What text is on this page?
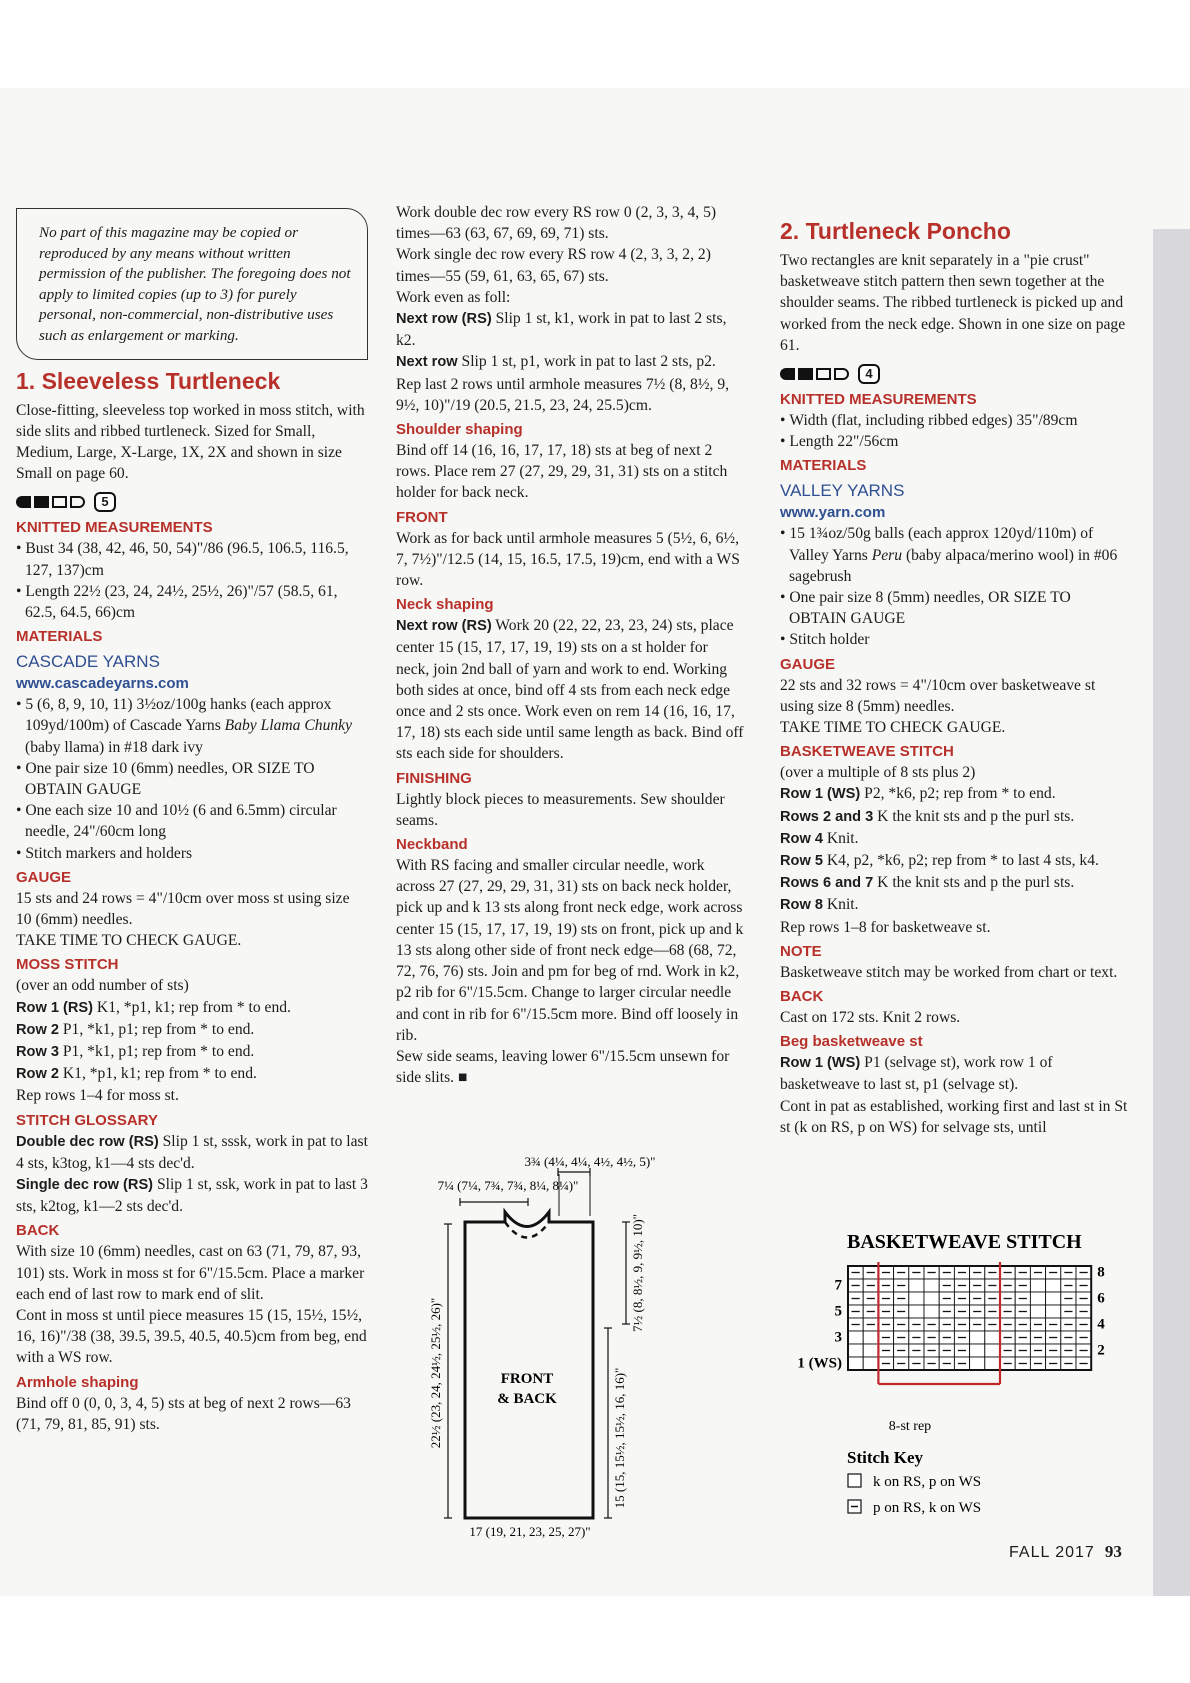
No part of this magazine may be copied or reproduced by any means without written permission of the publisher. The foregoing does not apply to limited copies (up to 3) for purely personal, non-commercial, non-distributive uses such as enlargement or marking.
1. Sleeveless Turtleneck

Close-fitting, sleeveless top worked in moss stitch, with side slits and ribbed turtleneck. Sized for Small, Medium, Large, X-Large, 1X, 2X and shown in size Small on page 60.

5
KNITTED MEASUREMENTS

• Bust 34 (38, 42, 46, 50, 54)"/86 (96.5, 106.5, 116.5, 127, 137)cm

• Length 22½ (23, 24, 24½, 25½, 26)"/57 (58.5, 61, 62.5, 64.5, 66)cm

MATERIALS
CASCADE YARNS
www.cascadeyarns.com

• 5 (6, 8, 9, 10, 11) 3½oz/100g hanks (each approx 109yd/100m) of Cascade Yarns Baby Llama Chunky (baby llama) in #18 dark ivy

• One pair size 10 (6mm) needles, OR SIZE TO OBTAIN GAUGE

• One each size 10 and 10½ (6 and 6.5mm) circular needle, 24"/60cm long

• Stitch markers and holders

GAUGE

15 sts and 24 rows = 4"/10cm over moss st using size 10 (6mm) needles.

TAKE TIME TO CHECK GAUGE.

MOSS STITCH

(over an odd number of sts)

Row 1 (RS) K1, *p1, k1; rep from * to end.

Row 2 P1, *k1, p1; rep from * to end.

Row 3 P1, *k1, p1; rep from * to end.

Row 2 K1, *p1, k1; rep from * to end.

Rep rows 1–4 for moss st.

STITCH GLOSSARY

Double dec row (RS) Slip 1 st, sssk, work in pat to last 4 sts, k3tog, k1—4 sts dec'd.

Single dec row (RS) Slip 1 st, ssk, work in pat to last 3 sts, k2tog, k1—2 sts dec'd.

BACK

With size 10 (6mm) needles, cast on 63 (71, 79, 87, 93, 101) sts. Work in moss st for 6"/15.5cm. Place a marker each end of last row to mark end of slit.

Cont in moss st until piece measures 15 (15, 15½, 15½, 16, 16)"/38 (38, 39.5, 39.5, 40.5, 40.5)cm from beg, end with a WS row.

Armhole shaping

Bind off 0 (0, 0, 3, 4, 5) sts at beg of next 2 rows—63 (71, 79, 81, 85, 91) sts.

Work double dec row every RS row 0 (2, 3, 3, 4, 5) times—63 (63, 67, 69, 69, 71) sts.

Work single dec row every RS row 4 (2, 3, 3, 2, 2) times—55 (59, 61, 63, 65, 67) sts.

Work even as foll:

Next row (RS) Slip 1 st, k1, work in pat to last 2 sts, k2.

Next row Slip 1 st, p1, work in pat to last 2 sts, p2.

Rep last 2 rows until armhole measures 7½ (8, 8½, 9, 9½, 10)"/19 (20.5, 21.5, 23, 24, 25.5)cm.

Shoulder shaping

Bind off 14 (16, 16, 17, 17, 18) sts at beg of next 2 rows. Place rem 27 (27, 29, 29, 31, 31) sts on a stitch holder for back neck.

FRONT

Work as for back until armhole measures 5 (5½, 6, 6½, 7, 7½)"/12.5 (14, 15, 16.5, 17.5, 19)cm, end with a WS row.

Neck shaping

Next row (RS) Work 20 (22, 22, 23, 23, 24) sts, place center 15 (15, 17, 17, 19, 19) sts on a st holder for neck, join 2nd ball of yarn and work to end. Working both sides at once, bind off 4 sts from each neck edge once and 2 sts once. Work even on rem 14 (16, 16, 17, 17, 18) sts each side until same length as back. Bind off sts each side for shoulders.

FINISHING

Lightly block pieces to measurements. Sew shoulder seams.

Neckband

With RS facing and smaller circular needle, work across 27 (27, 29, 29, 31, 31) sts on back neck holder, pick up and k 13 sts along front neck edge, work across center 15 (15, 17, 17, 19, 19) sts on front, pick up and k 13 sts along other side of front neck edge—68 (68, 72, 72, 76, 76) sts. Join and pm for beg of rnd. Work in k2, p2 rib for 6"/15.5cm. Change to larger circular needle and cont in rib for 6"/15.5cm more. Bind off loosely in rib.

Sew side seams, leaving lower 6"/15.5cm unsewn for side slits. ■

3¾ (4¼, 4¼, 4½, 4½, 5)"
7¼ (7¼, 7¾, 7¾, 8¼, 8¼)"
FRONT
& BACK
22½ (23, 24, 24½, 25½, 26)"	15 (15, 15½, 15½, 16, 16)"
7½ (8, 8½, 9, 9½, 10)"
17 (19, 21, 23, 25, 27)"
2. Turtleneck Poncho

Two rectangles are knit separately in a "pie crust" basketweave stitch pattern then sewn together at the shoulder seams. The ribbed turtleneck is picked up and worked from the neck edge. Shown in one size on page 61.

4
KNITTED MEASUREMENTS

• Width (flat, including ribbed edges) 35"/89cm

• Length 22"/56cm

MATERIALS
VALLEY YARNS
www.yarn.com

• 15 1¾oz/50g balls (each approx 120yd/110m) of Valley Yarns Peru (baby alpaca/merino wool) in #06 sagebrush

• One pair size 8 (5mm) needles, OR SIZE TO OBTAIN GAUGE

• Stitch holder

GAUGE

22 sts and 32 rows = 4"/10cm over basketweave st using size 8 (5mm) needles.

TAKE TIME TO CHECK GAUGE.

BASKETWEAVE STITCH

(over a multiple of 8 sts plus 2)

Row 1 (WS) P2, *k6, p2; rep from * to end.

Rows 2 and 3 K the knit sts and p the purl sts.

Row 4 Knit.

Row 5 K4, p2, *k6, p2; rep from * to last 4 sts, k4.

Rows 6 and 7 K the knit sts and p the purl sts.

Row 8 Knit.

Rep rows 1–8 for basketweave st.

NOTE

Basketweave stitch may be worked from chart or text.

BACK

Cast on 172 sts. Knit 2 rows.

Beg basketweave st

Row 1 (WS) P1 (selvage st), work row 1 of basketweave to last st, p1 (selvage st).

Cont in pat as established, working first and last st in St st (k on RS, p on WS) for selvage sts, until

BASKETWEAVE STITCH
7
5
3
1 (WS)
8
6
4
2
8-st rep
Stitch Key
k on RS, p on WS
p on RS, k on WS
FALL 2017 93
